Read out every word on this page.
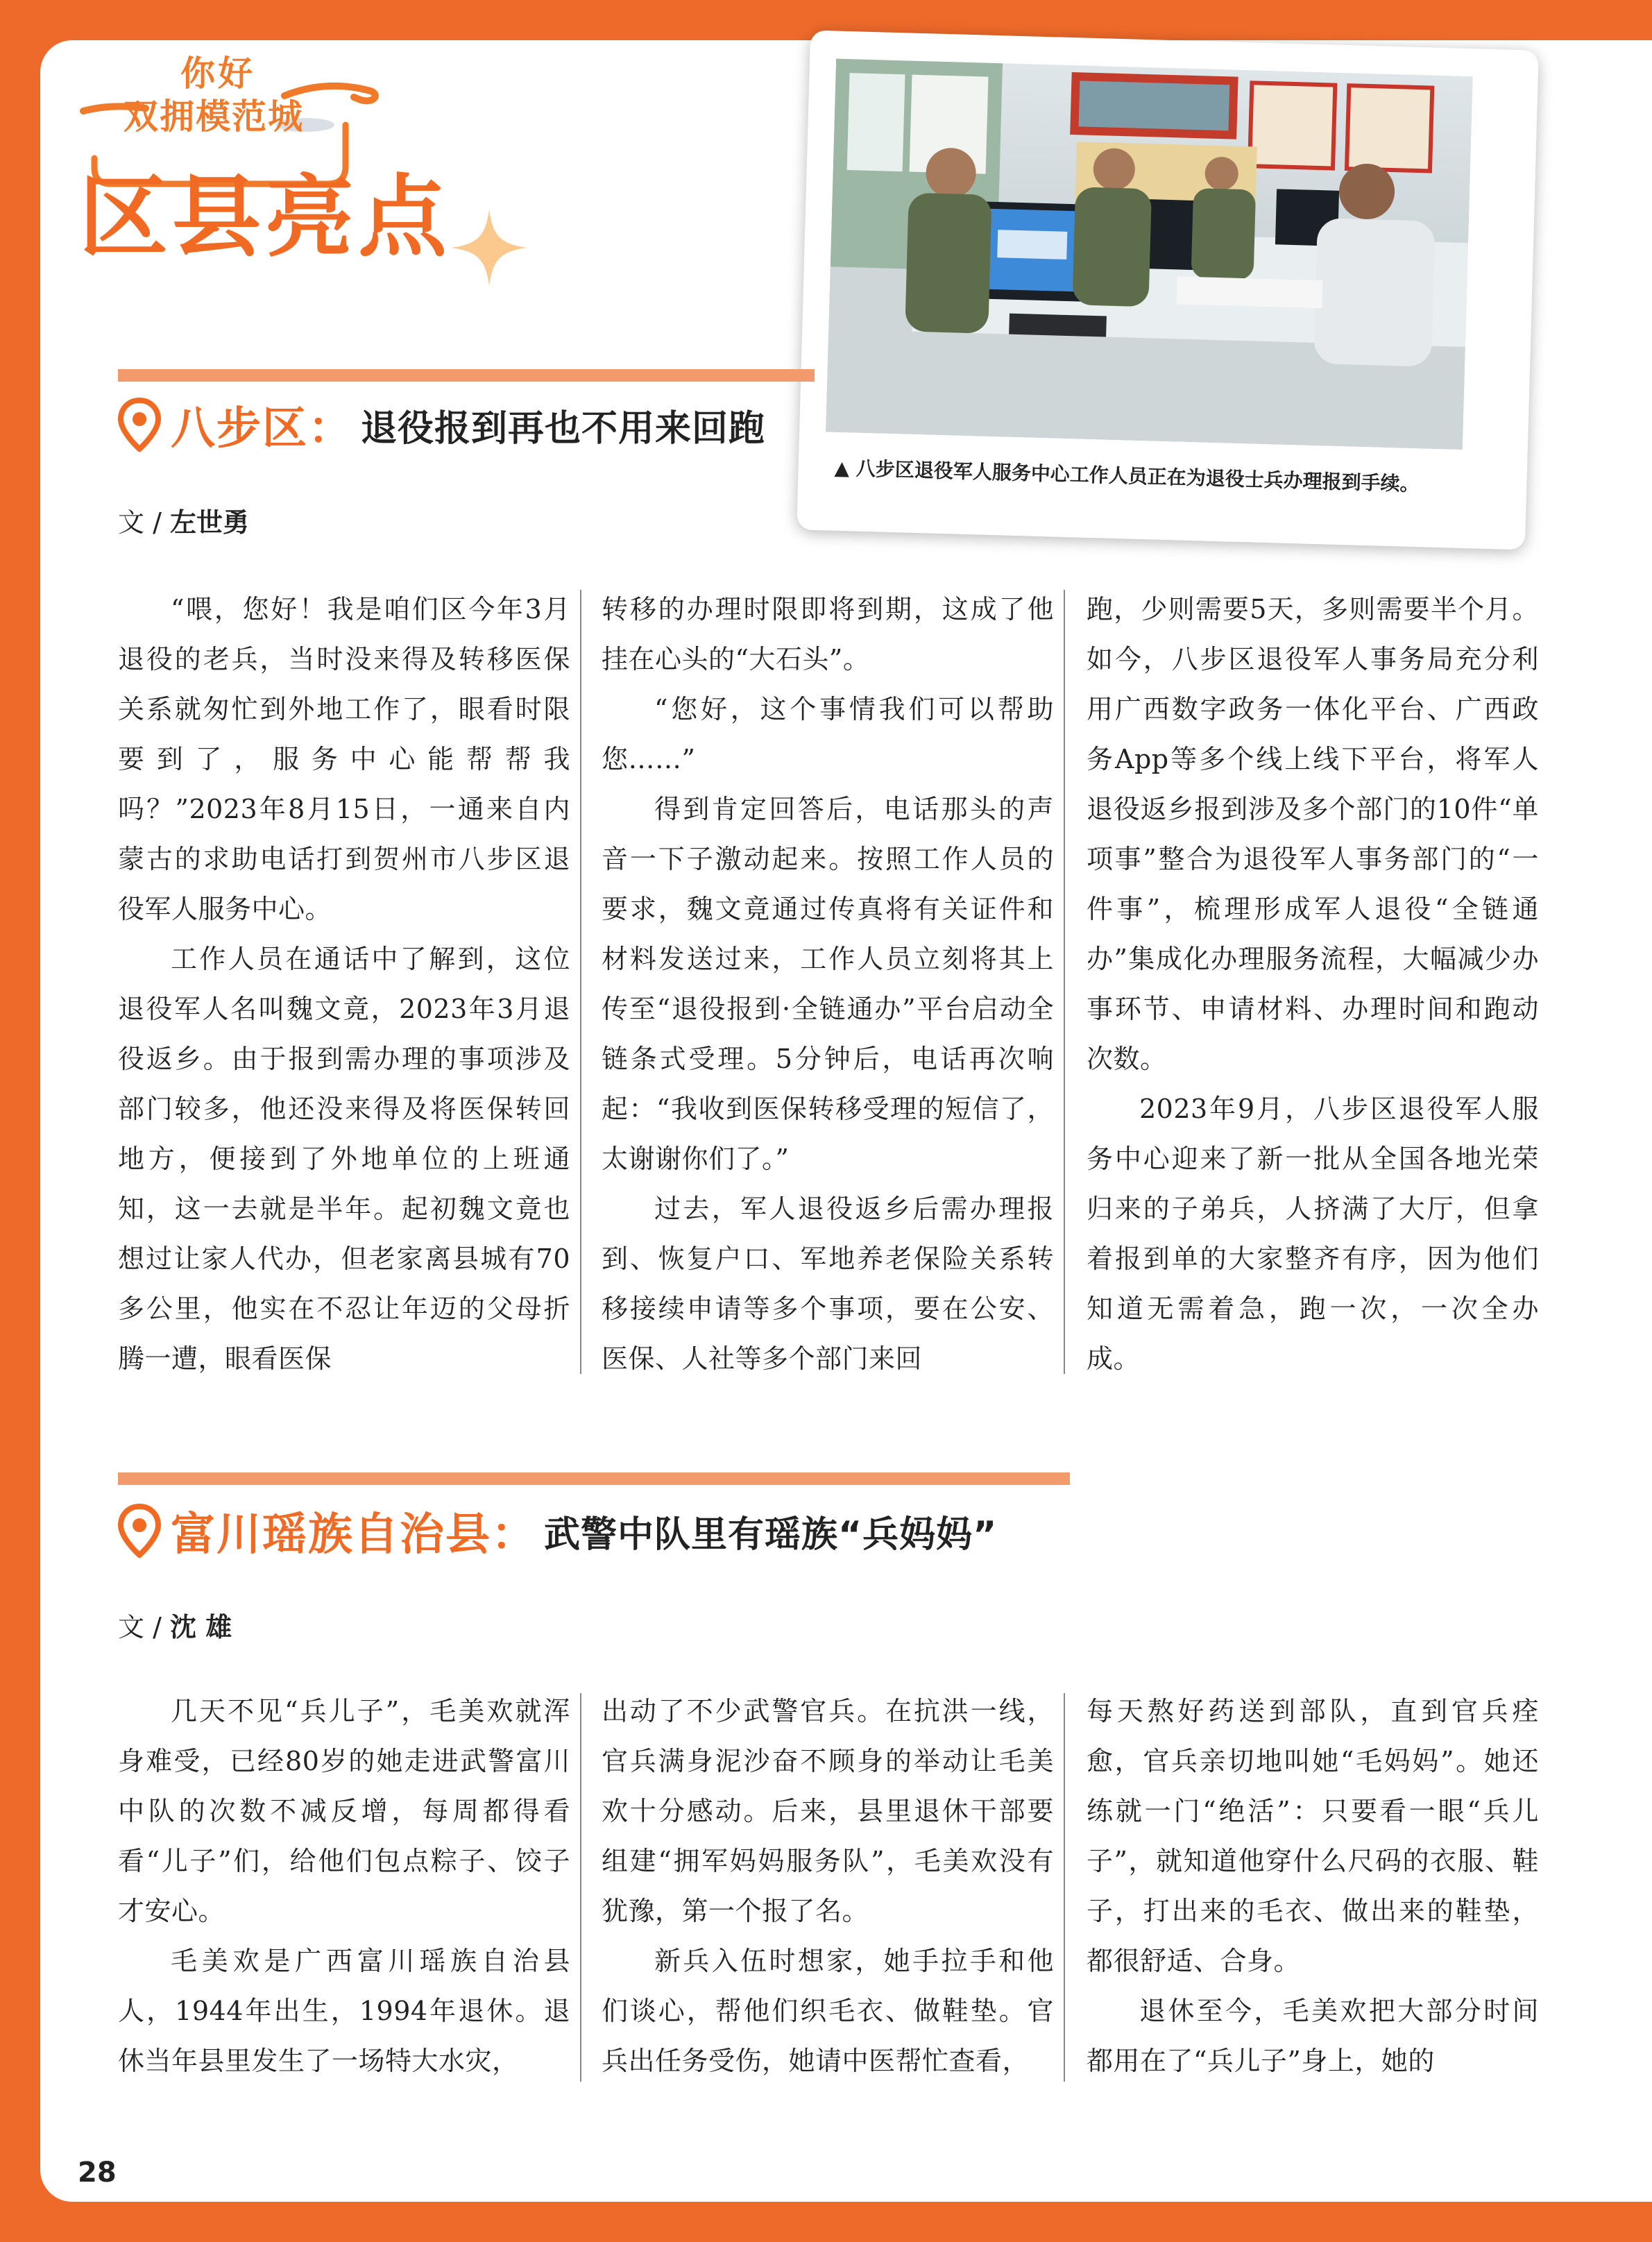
你好
双拥模范城
区县亮点
▲ 八步区退役军人服务中心工作人员正在为退役士兵办理报到手续。
八步区： 退役报到再也不用来回跑
文 / 左世勇

“喂，您好！我是咱们区今年3月退役的老兵，当时没来得及转移医保关系就匆忙到外地工作了，眼看时限要到了，服务中心能帮帮我吗？”2023年8月15日，一通来自内蒙古的求助电话打到贺州市八步区退役军人服务中心。

工作人员在通话中了解到，这位退役军人名叫魏文竟，2023年3月退役返乡。由于报到需办理的事项涉及部门较多，他还没来得及将医保转回地方，便接到了外地单位的上班通知，这一去就是半年。起初魏文竟也想过让家人代办，但老家离县城有70多公里，他实在不忍让年迈的父母折腾一遭，眼看医保

转移的办理时限即将到期，这成了他挂在心头的“大石头”。

“您好，这个事情我们可以帮助您……”

得到肯定回答后，电话那头的声音一下子激动起来。按照工作人员的要求，魏文竟通过传真将有关证件和材料发送过来，工作人员立刻将其上传至“退役报到·全链通办”平台启动全链条式受理。5分钟后，电话再次响起：“我收到医保转移受理的短信了，太谢谢你们了。”

过去，军人退役返乡后需办理报到、恢复户口、军地养老保险关系转移接续申请等多个事项，要在公安、医保、人社等多个部门来回

跑，少则需要5天，多则需要半个月。如今，八步区退役军人事务局充分利用广西数字政务一体化平台、广西政务App等多个线上线下平台，将军人退役返乡报到涉及多个部门的10件“单项事”整合为退役军人事务部门的“一件事”，梳理形成军人退役“全链通办”集成化办理服务流程，大幅减少办事环节、申请材料、办理时间和跑动次数。

2023年9月，八步区退役军人服务中心迎来了新一批从全国各地光荣归来的子弟兵，人挤满了大厅，但拿着报到单的大家整齐有序，因为他们知道无需着急，跑一次，一次全办成。

富川瑶族自治县： 武警中队里有瑶族“兵妈妈”
文 / 沈 雄

几天不见“兵儿子”，毛美欢就浑身难受，已经80岁的她走进武警富川中队的次数不减反增，每周都得看看“儿子”们，给他们包点粽子、饺子才安心。

毛美欢是广西富川瑶族自治县人，1944年出生，1994年退休。退休当年县里发生了一场特大水灾，

出动了不少武警官兵。在抗洪一线，官兵满身泥沙奋不顾身的举动让毛美欢十分感动。后来，县里退休干部要组建“拥军妈妈服务队”，毛美欢没有犹豫，第一个报了名。

新兵入伍时想家，她手拉手和他们谈心，帮他们织毛衣、做鞋垫。官兵出任务受伤，她请中医帮忙查看，

每天熬好药送到部队，直到官兵痊愈，官兵亲切地叫她“毛妈妈”。她还练就一门“绝活”：只要看一眼“兵儿子”，就知道他穿什么尺码的衣服、鞋子，打出来的毛衣、做出来的鞋垫，都很舒适、合身。

退休至今，毛美欢把大部分时间都用在了“兵儿子”身上，她的

28
